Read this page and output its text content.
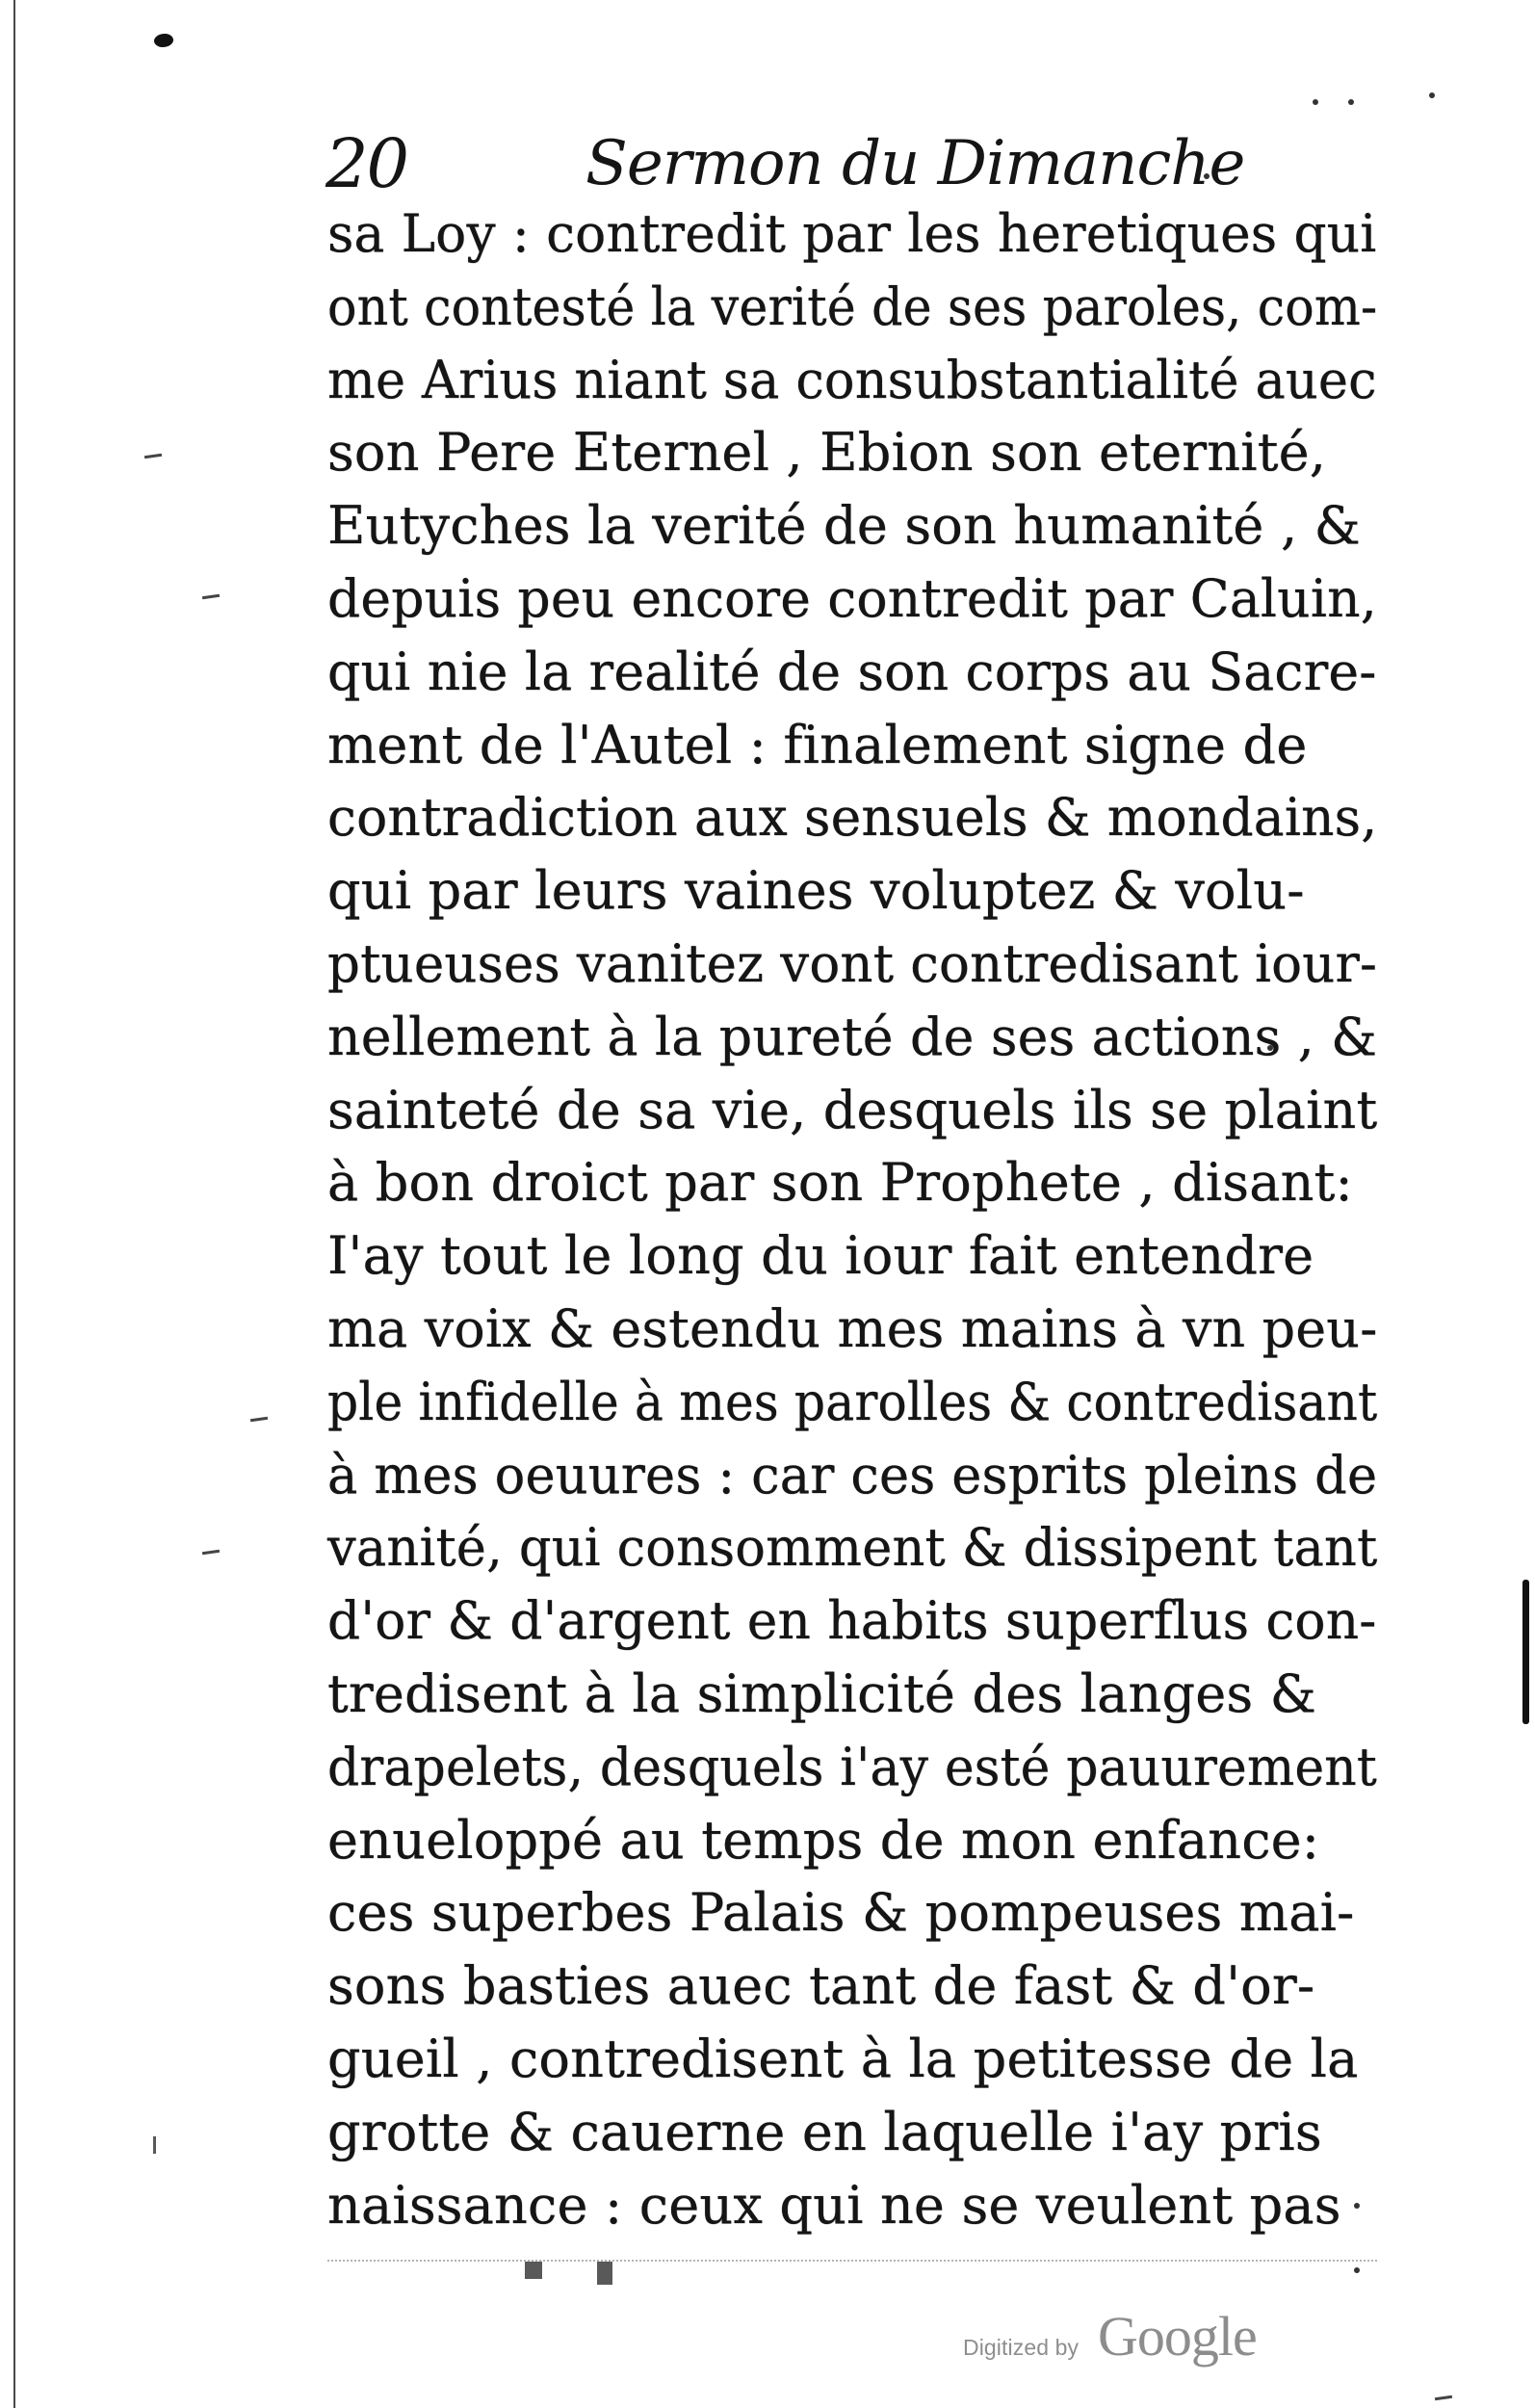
20	Sermon du Dimanche
sa Loy : contredit par les heretiques qui
ont contesté la verité de ses paroles, com-
me Arius niant sa consubstantialité auec
son Pere Eternel , Ebion son eternité,
Eutyches la verité de son humanité , &
depuis peu encore contredit par Caluin,
qui nie la realité de son corps au Sacre-
ment de l'Autel : finalement signe de
contradiction aux sensuels & mondains,
qui par leurs vaines voluptez & volu-
ptueuses vanitez vont contredisant iour-
nellement à la pureté de ses actions , &
sainteté de sa vie, desquels ils se plaint
à bon droict par son Prophete , disant:
I'ay tout le long du iour fait entendre
ma voix & estendu mes mains à vn peu-
ple infidelle à mes parolles & contredisant
à mes oeuures : car ces esprits pleins de
vanité, qui consomment & dissipent tant
d'or & d'argent en habits superflus con-
tredisent à la simplicité des langes &
drapelets, desquels i'ay esté pauurement
enueloppé au temps de mon enfance:
ces superbes Palais & pompeuses mai-
sons basties auec tant de fast & d'or-
gueil , contredisent à la petitesse de la
grotte & cauerne en laquelle i'ay pris
naissance : ceux qui ne se veulent pas
Digitized by Google
